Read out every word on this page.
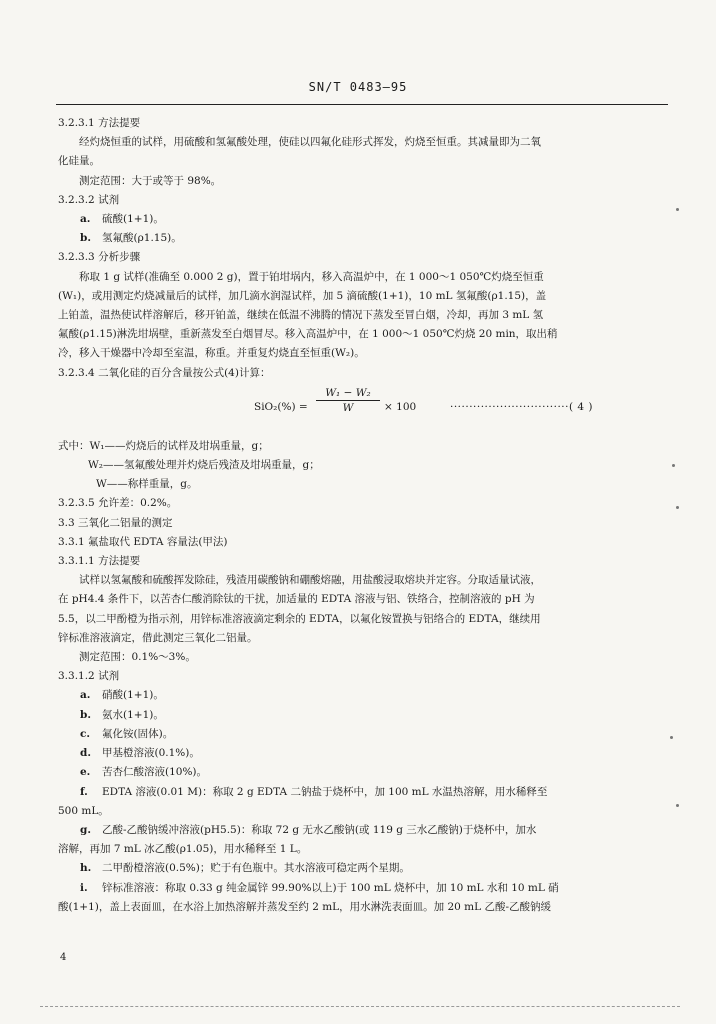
SN/T 0483—95
3.2.3.1 方法提要
经灼烧恒重的试样，用硫酸和氢氟酸处理，使硅以四氟化硅形式挥发，灼烧至恒重。其减量即为二氧
化硅量。
测定范围：大于或等于 98%。
3.2.3.2 试剂
a. 硫酸(1+1)。
b. 氢氟酸(ρ1.15)。
3.2.3.3 分析步骤
称取 1 g 试样(准确至 0.000 2 g)，置于铂坩埚内，移入高温炉中，在 1 000～1 050℃灼烧至恒重
(W₁)，或用测定灼烧减量后的试样，加几滴水润湿试样，加 5 滴硫酸(1+1)，10 mL 氢氟酸(ρ1.15)，盖
上铂盖，温热使试样溶解后，移开铂盖，继续在低温不沸腾的情况下蒸发至冒白烟，冷却，再加 3 mL 氢
氟酸(ρ1.15)淋洗坩埚壁，重新蒸发至白烟冒尽。移入高温炉中，在 1 000～1 050℃灼烧 20 min，取出稍
冷，移入干燥器中冷却至室温，称重。并重复灼烧直至恒重(W₂)。
3.2.3.4 二氧化硅的百分含量按公式(4)计算：
$SiO_2(\%) = \frac{\text{W₁ − W₂}}{W} \times 100$	·······························( 4 )
式中：W₁——灼烧后的试样及坩埚重量，g；
W₂——氢氟酸处理并灼烧后残渣及坩埚重量，g；
W——称样重量，g。
3.2.3.5 允许差：0.2%。
3.3 三氧化二铝量的测定
3.3.1 氟盐取代 EDTA 容量法(甲法)
3.3.1.1 方法提要
试样以氢氟酸和硫酸挥发除硅，残渣用碳酸钠和硼酸熔融，用盐酸浸取熔块并定容。分取适量试液，
在 pH4.4 条件下，以苦杏仁酸消除钛的干扰，加适量的 EDTA 溶液与铝、铁络合，控制溶液的 pH 为
5.5，以二甲酚橙为指示剂，用锌标准溶液滴定剩余的 EDTA，以氟化铵置换与铝络合的 EDTA，继续用
锌标准溶液滴定，借此测定三氧化二铝量。
测定范围：0.1%～3%。
3.3.1.2 试剂
a. 硝酸(1+1)。
b. 氨水(1+1)。
c. 氟化铵(固体)。
d. 甲基橙溶液(0.1%)。
e. 苦杏仁酸溶液(10%)。
f. EDTA 溶液(0.01 M)：称取 2 g EDTA 二钠盐于烧杯中，加 100 mL 水温热溶解，用水稀释至
500 mL。
g. 乙酸-乙酸钠缓冲溶液(pH5.5)：称取 72 g 无水乙酸钠(或 119 g 三水乙酸钠)于烧杯中，加水
溶解，再加 7 mL 冰乙酸(ρ1.05)，用水稀释至 1 L。
h. 二甲酚橙溶液(0.5%)；贮于有色瓶中。其水溶液可稳定两个星期。
i. 锌标准溶液：称取 0.33 g 纯金属锌 99.90%以上)于 100 mL 烧杯中，加 10 mL 水和 10 mL 硝
酸(1+1)，盖上表面皿，在水浴上加热溶解并蒸发至约 2 mL，用水淋洗表面皿。加 20 mL 乙酸-乙酸钠缓
4
